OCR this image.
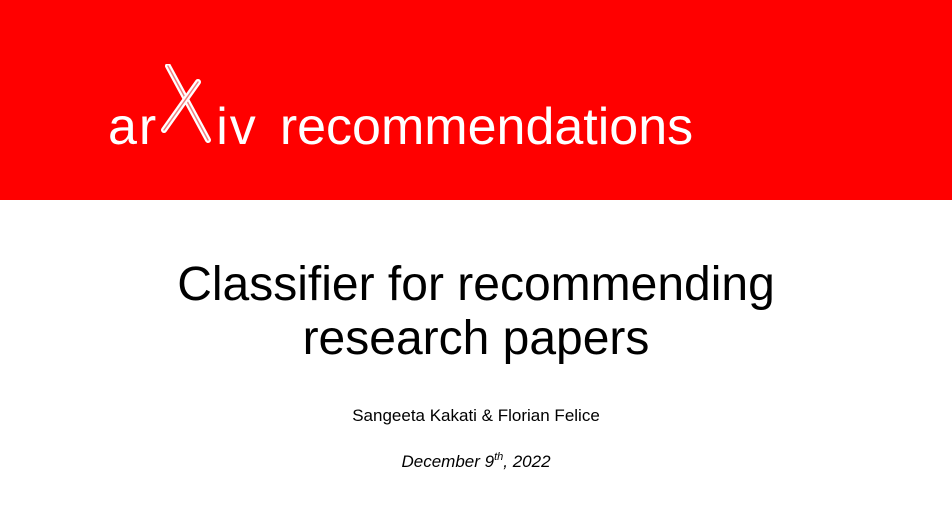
ar iv recommendations
Classifier for recommending
research papers
Sangeeta Kakati & Florian Felice
December 9th, 2022
